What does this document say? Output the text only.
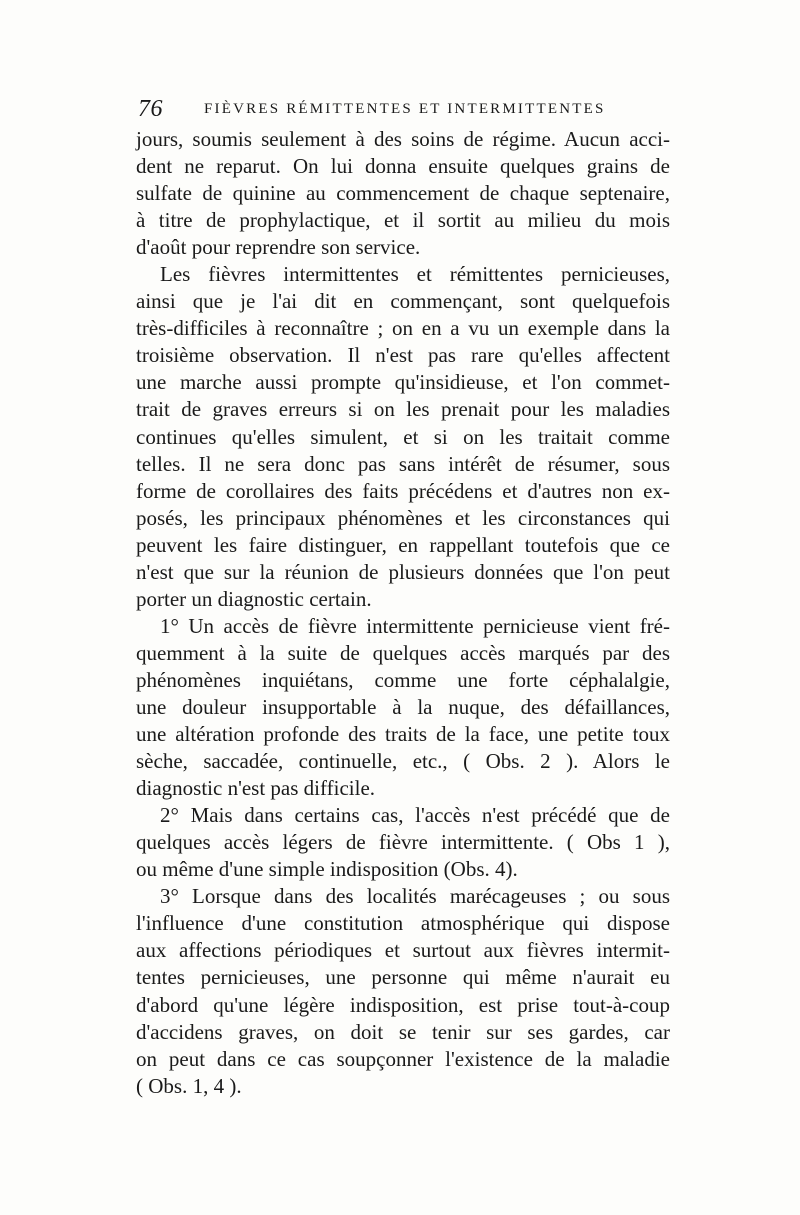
76	FIÈVRES RÉMITTENTES ET INTERMITTENTES
jours, soumis seulement à des soins de régime. Aucun acci-
dent ne reparut. On lui donna ensuite quelques grains de
sulfate de quinine au commencement de chaque septenaire,
à titre de prophylactique, et il sortit au milieu du mois
d'août pour reprendre son service.
Les fièvres intermittentes et rémittentes pernicieuses,
ainsi que je l'ai dit en commençant, sont quelquefois
très-difficiles à reconnaître ; on en a vu un exemple dans la
troisième observation. Il n'est pas rare qu'elles affectent
une marche aussi prompte qu'insidieuse, et l'on commet-
trait de graves erreurs si on les prenait pour les maladies
continues qu'elles simulent, et si on les traitait comme
telles. Il ne sera donc pas sans intérêt de résumer, sous
forme de corollaires des faits précédens et d'autres non ex-
posés, les principaux phénomènes et les circonstances qui
peuvent les faire distinguer, en rappellant toutefois que ce
n'est que sur la réunion de plusieurs données que l'on peut
porter un diagnostic certain.
1° Un accès de fièvre intermittente pernicieuse vient fré-
quemment à la suite de quelques accès marqués par des
phénomènes inquiétans, comme une forte céphalalgie,
une douleur insupportable à la nuque, des défaillances,
une altération profonde des traits de la face, une petite toux
sèche, saccadée, continuelle, etc., ( Obs. 2 ). Alors le
diagnostic n'est pas difficile.
2° Mais dans certains cas, l'accès n'est précédé que de
quelques accès légers de fièvre intermittente. ( Obs 1 ),
ou même d'une simple indisposition (Obs. 4).
3° Lorsque dans des localités marécageuses ; ou sous
l'influence d'une constitution atmosphérique qui dispose
aux affections périodiques et surtout aux fièvres intermit-
tentes pernicieuses, une personne qui même n'aurait eu
d'abord qu'une légère indisposition, est prise tout-à-coup
d'accidens graves, on doit se tenir sur ses gardes, car
on peut dans ce cas soupçonner l'existence de la maladie
( Obs. 1, 4 ).
